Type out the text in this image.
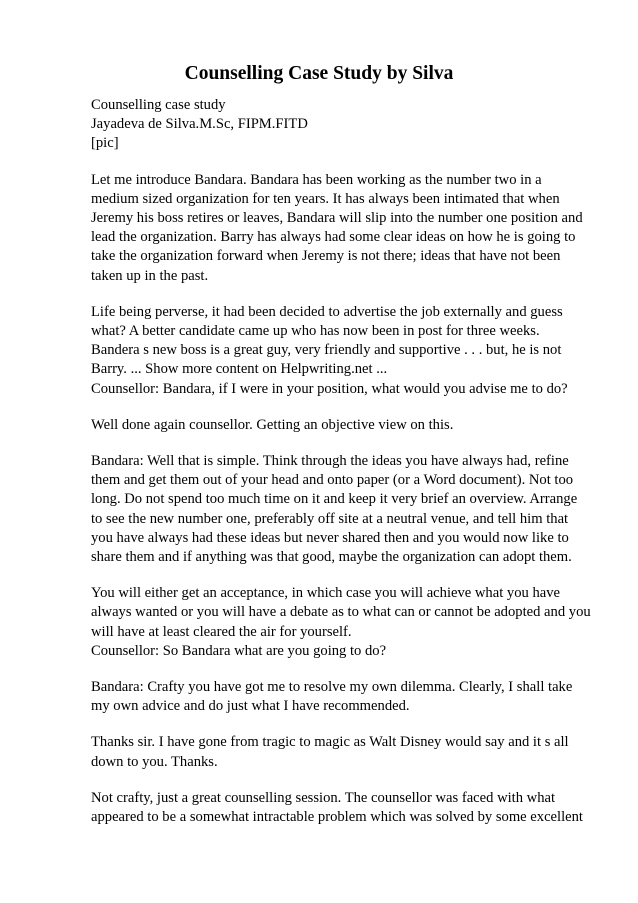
Counselling Case Study by Silva
Counselling case study
Jayadeva de Silva.M.Sc, FIPM.FITD
[pic]
Let me introduce Bandara. Bandara has been working as the number two in a
medium sized organization for ten years. It has always been intimated that when
Jeremy his boss retires or leaves, Bandara will slip into the number one position and
lead the organization. Barry has always had some clear ideas on how he is going to
take the organization forward when Jeremy is not there; ideas that have not been
taken up in the past.
Life being perverse, it had been decided to advertise the job externally and guess
what? A better candidate came up who has now been in post for three weeks.
Bandera s new boss is a great guy, very friendly and supportive . . . but, he is not
Barry. ... Show more content on Helpwriting.net ...
Counsellor: Bandara, if I were in your position, what would you advise me to do?
Well done again counsellor. Getting an objective view on this.
Bandara: Well that is simple. Think through the ideas you have always had, refine
them and get them out of your head and onto paper (or a Word document). Not too
long. Do not spend too much time on it and keep it very brief an overview. Arrange
to see the new number one, preferably off site at a neutral venue, and tell him that
you have always had these ideas but never shared then and you would now like to
share them and if anything was that good, maybe the organization can adopt them.
You will either get an acceptance, in which case you will achieve what you have
always wanted or you will have a debate as to what can or cannot be adopted and you
will have at least cleared the air for yourself.
Counsellor: So Bandara what are you going to do?
Bandara: Crafty you have got me to resolve my own dilemma. Clearly, I shall take
my own advice and do just what I have recommended.
Thanks sir. I have gone from tragic to magic as Walt Disney would say and it s all
down to you. Thanks.
Not crafty, just a great counselling session. The counsellor was faced with what
appeared to be a somewhat intractable problem which was solved by some excellent
